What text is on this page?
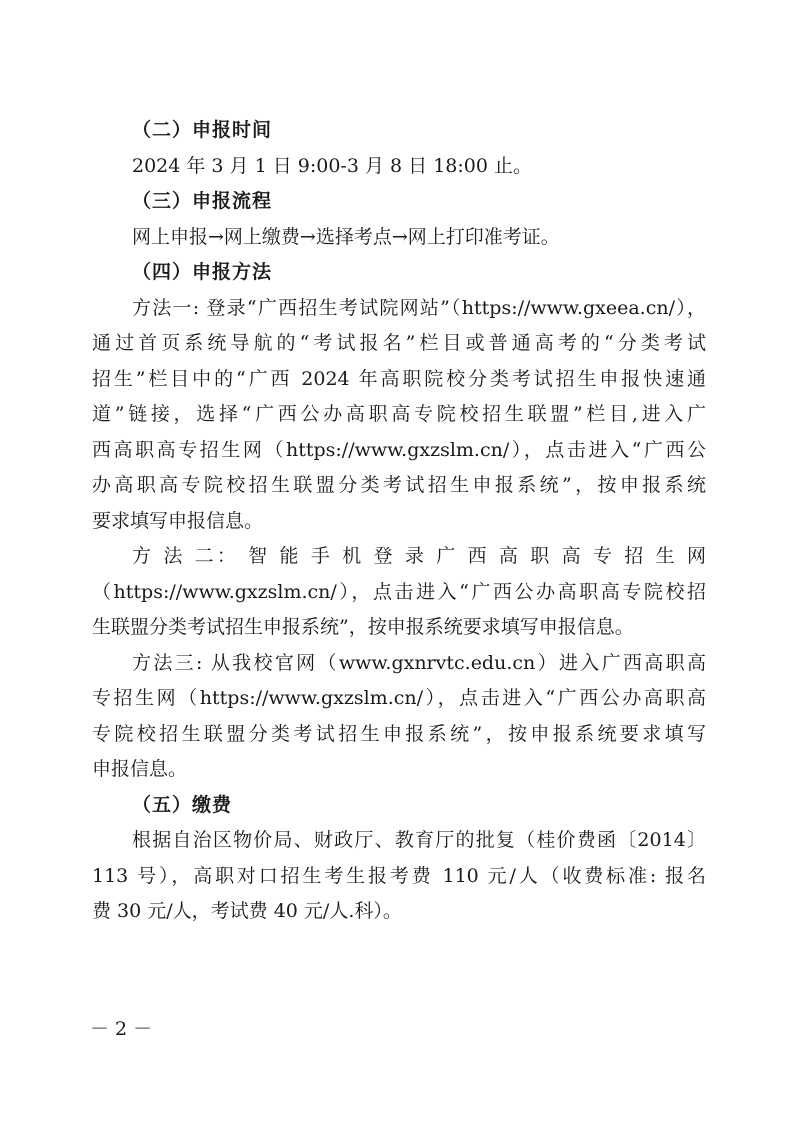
（二）申报时间
2024 年 3 月 1 日 9:00-3 月 8 日 18:00 止。
（三）申报流程
网上申报→网上缴费→选择考点→网上打印准考证。
（四）申报方法
方法一: 登录“广西招生考试院网站”（https://www.gxeea.cn/），
通过首页系统导航的“考试报名”栏目或普通高考的“分类考试
招生”栏目中的“广西 2024 年高职院校分类考试招生申报快速通
道”链接，选择“广西公办高职高专院校招生联盟”栏目,进入广
西高职高专招生网（https://www.gxzslm.cn/），点击进入“广西公
办高职高专院校招生联盟分类考试招生申报系统”，按申报系统
要求填写申报信息。
方 法 二： 智 能 手 机 登 录 广 西 高 职 高 专 招 生 网
（https://www.gxzslm.cn/），点击进入“广西公办高职高专院校招
生联盟分类考试招生申报系统”，按申报系统要求填写申报信息。
方法三: 从我校官网（www.gxnrvtc.edu.cn）进入广西高职高
专招生网（https://www.gxzslm.cn/），点击进入“广西公办高职高
专院校招生联盟分类考试招生申报系统”，按申报系统要求填写
申报信息。
（五）缴费
根据自治区物价局、财政厅、教育厅的批复（桂价费函〔2014〕
113 号），高职对口招生考生报考费 110 元/人（收费标准: 报名
费 30 元/人，考试费 40 元/人.科）。
－ 2 －
